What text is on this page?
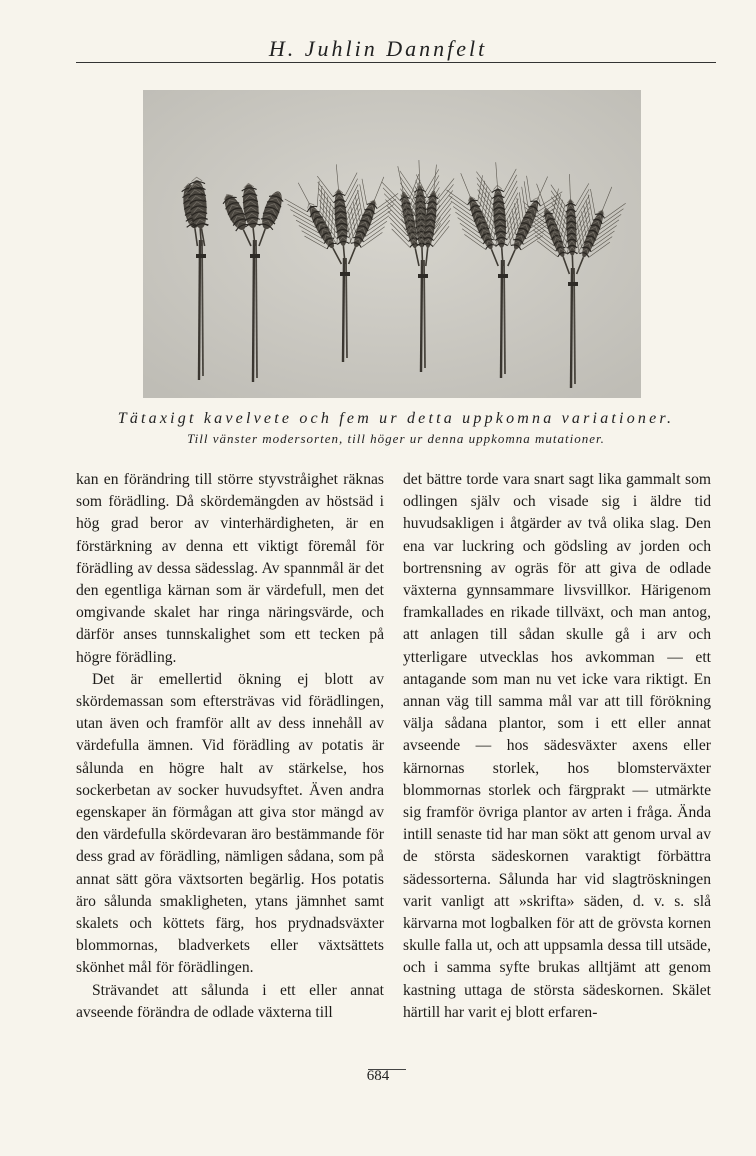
H. Juhlin Dannfelt
Tätaxigt kavelvete och fem ur detta uppkomna variationer.
Till vänster modersorten, till höger ur denna uppkomna mutationer.

kan en förändring till större styvstråighet räknas som förädling. Då skördemängden av höstsäd i hög grad beror av vinterhärdigheten, är en förstärkning av denna ett viktigt föremål för förädling av dessa sädesslag. Av spannmål är det den egentliga kärnan som är värdefull, men det omgivande skalet har ringa näringsvärde, och därför anses tunnskalighet som ett tecken på högre förädling.

Det är emellertid ökning ej blott av skördemassan som eftersträvas vid förädlingen, utan även och framför allt av dess innehåll av värdefulla ämnen. Vid förädling av potatis är sålunda en högre halt av stärkelse, hos sockerbetan av socker huvudsyftet. Även andra egenskaper än förmågan att giva stor mängd av den värdefulla skördevaran äro bestämmande för dess grad av förädling, nämligen sådana, som på annat sätt göra växtsorten begärlig. Hos potatis äro sålunda smakligheten, ytans jämnhet samt skalets och köttets färg, hos prydnadsväxter blommornas, bladverkets eller växtsättets skönhet mål för förädlingen.

Strävandet att sålunda i ett eller annat avseende förändra de odlade växterna till

det bättre torde vara snart sagt lika gammalt som odlingen själv och visade sig i äldre tid huvudsakligen i åtgärder av två olika slag. Den ena var luckring och gödsling av jorden och bortrensning av ogräs för att giva de odlade växterna gynnsammare livsvillkor. Härigenom framkallades en rikade tillväxt, och man antog, att anlagen till sådan skulle gå i arv och ytterligare utvecklas hos avkomman — ett antagande som man nu vet icke vara riktigt. En annan väg till samma mål var att till förökning välja sådana plantor, som i ett eller annat avseende — hos sädesväxter axens eller kärnornas storlek, hos blomsterväxter blommornas storlek och färgprakt — utmärkte sig framför övriga plantor av arten i fråga. Ända intill senaste tid har man sökt att genom urval av de största sädeskornen varaktigt förbättra sädessorterna. Sålunda har vid slagtröskningen varit vanligt att »skrifta» säden, d. v. s. slå kärvarna mot logbalken för att de grövsta kornen skulle falla ut, och att uppsamla dessa till utsäde, och i samma syfte brukas alltjämt att genom kastning uttaga de största sädeskornen. Skälet härtill har varit ej blott erfaren-

684
